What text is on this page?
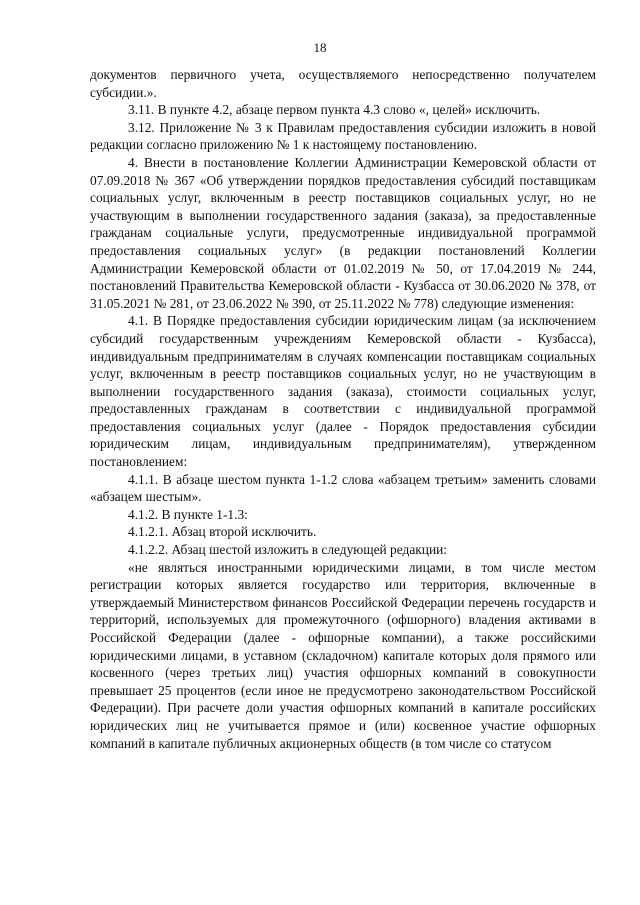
18

документов первичного учета, осуществляемого непосредственно получателем субсидии.».

3.11. В пункте 4.2, абзаце первом пункта 4.3 слово «, целей» исключить.

3.12. Приложение № 3 к Правилам предоставления субсидии изложить в новой редакции согласно приложению № 1 к настоящему постановлению.

4. Внести в постановление Коллегии Администрации Кемеровской области от 07.09.2018 № 367 «Об утверждении порядков предоставления субсидий поставщикам социальных услуг, включенным в реестр поставщиков социальных услуг, но не участвующим в выполнении государственного задания (заказа), за предоставленные гражданам социальные услуги, предусмотренные индивидуальной программой предоставления социальных услуг» (в редакции постановлений Коллегии Администрации Кемеровской области от 01.02.2019 № 50, от 17.04.2019 № 244, постановлений Правительства Кемеровской области - Кузбасса от 30.06.2020 № 378, от 31.05.2021 № 281, от 23.06.2022 № 390, от 25.11.2022 № 778) следующие изменения:

4.1. В Порядке предоставления субсидии юридическим лицам (за исключением субсидий государственным учреждениям Кемеровской области - Кузбасса), индивидуальным предпринимателям в случаях компенсации поставщикам социальных услуг, включенным в реестр поставщиков социальных услуг, но не участвующим в выполнении государственного задания (заказа), стоимости социальных услуг, предоставленных гражданам в соответствии с индивидуальной программой предоставления социальных услуг (далее - Порядок предоставления субсидии юридическим лицам, индивидуальным предпринимателям), утвержденном постановлением:

4.1.1. В абзаце шестом пункта 1-1.2 слова «абзацем третьим» заменить словами «абзацем шестым».

4.1.2. В пункте 1-1.3:

4.1.2.1. Абзац второй исключить.

4.1.2.2. Абзац шестой изложить в следующей редакции:

«не являться иностранными юридическими лицами, в том числе местом регистрации которых является государство или территория, включенные в утверждаемый Министерством финансов Российской Федерации перечень государств и территорий, используемых для промежуточного (офшорного) владения активами в Российской Федерации (далее - офшорные компании), а также российскими юридическими лицами, в уставном (складочном) капитале которых доля прямого или косвенного (через третьих лиц) участия офшорных компаний в совокупности превышает 25 процентов (если иное не предусмотрено законодательством Российской Федерации). При расчете доли участия офшорных компаний в капитале российских юридических лиц не учитывается прямое и (или) косвенное участие офшорных компаний в капитале публичных акционерных обществ (в том числе со статусом
